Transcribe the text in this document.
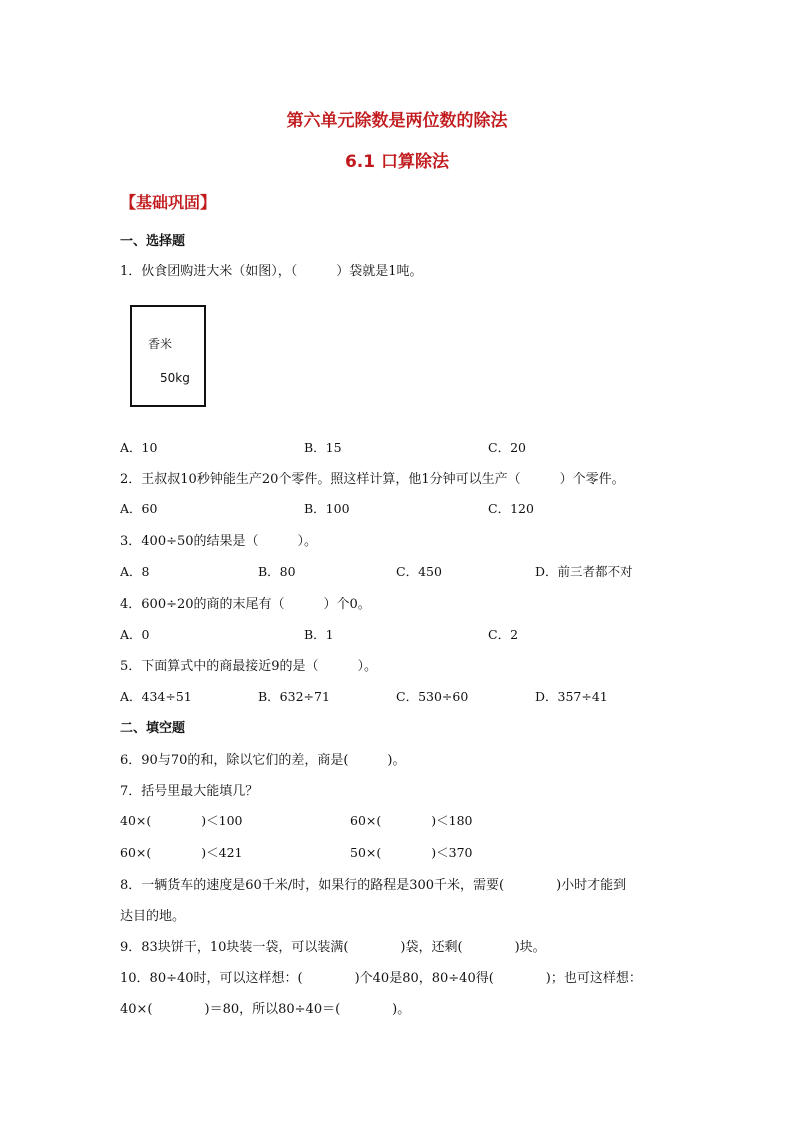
第六单元除数是两位数的除法
6.1 口算除法
【基础巩固】
一、选择题
1．伙食团购进大米（如图），（　　　）袋就是1吨。
香米
50kg
A．10	B．15	C．20
2．王叔叔10秒钟能生产20个零件。照这样计算，他1分钟可以生产（　　　）个零件。
A．60	B．100	C．120
3．400÷50的结果是（　　　）。
A．8	B．80	C．450	D．前三者都不对
4．600÷20的商的末尾有（　　　）个0。
A．0	B．1	C．2
5．下面算式中的商最接近9的是（　　　）。
A．434÷51	B．632÷71	C．530÷60	D．357÷41
二、填空题
6．90与70的和，除以它们的差，商是(　　　)。
7．括号里最大能填几？
40×(　　　　)＜100	60×(　　　　)＜180
60×(　　　　)＜421	50×(　　　　)＜370
8．一辆货车的速度是60千米/时，如果行的路程是300千米，需要(　　　　)小时才能到
达目的地。
9．83块饼干，10块装一袋，可以装满(　　　　)袋，还剩(　　　　)块。
10．80÷40时，可以这样想：(　　　　)个40是80，80÷40得(　　　　)；也可这样想：
40×(　　　　)＝80，所以80÷40＝(　　　　)。
